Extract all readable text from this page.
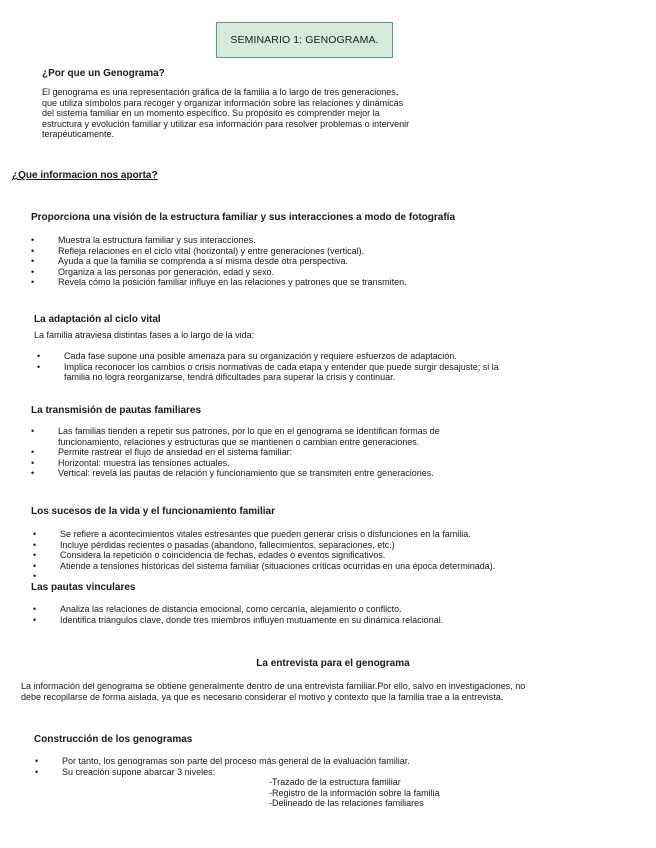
SEMINARIO 1: GENOGRAMA.
¿Por que un Genograma?
El genograma es una representación gráfica de la familia a lo largo de tres generaciones,
que utiliza símbolos para recoger y organizar información sobre las relaciones y dinámicas
del sistema familiar en un momento específico. Su propósito es comprender mejor la
estructura y evolución familiar y utilizar esa información para resolver problemas o intervenir
terapéuticamente.
¿Que informacion nos aporta?
Proporciona una visión de la estructura familiar y sus interacciones a modo de fotografía
•	Muestra la estructura familiar y sus interacciones.
•	Refleja relaciones en el ciclo vital (horizontal) y entre generaciones (vertical).
•	Ayuda a que la familia se comprenda a sí misma desde otra perspectiva.
•	Organiza a las personas por generación, edad y sexo.
•	Revela cómo la posición familiar influye en las relaciones y patrones que se transmiten.
La adaptación al ciclo vital
La familia atraviesa distintas fases a lo largo de la vida:
•	Cada fase supone una posible amenaza para su organización y requiere esfuerzos de adaptación.
•	Implica reconocer los cambios o crisis normativas de cada etapa y entender que puede surgir desajuste; si la
familia no logra reorganizarse, tendrá dificultades para superar la crisis y continuar.
La transmisión de pautas familiares
•	Las familias tienden a repetir sus patrones, por lo que en el genograma se identifican formas de
funcionamiento, relaciones y estructuras que se mantienen o cambian entre generaciones.
•	Permite rastrear el flujo de ansiedad en el sistema familiar:
•	Horizontal: muestra las tensiones actuales.
•	Vertical: revela las pautas de relación y funcionamiento que se transmiten entre generaciones.
Los sucesos de la vida y el funcionamiento familiar
•	Se refiere a acontecimientos vitales estresantes que pueden generar crisis o disfunciones en la familia.
•	Incluye pérdidas recientes o pasadas (abandono, fallecimientos, separaciones, etc.)
•	Considera la repetición o coincidencia de fechas, edades o eventos significativos.
•	Atiende a tensiones históricas del sistema familiar (situaciones críticas ocurridas en una época determinada).
•
Las pautas vinculares
•	Analiza las relaciones de distancia emocional, como cercanía, alejamiento o conflicto.
•	Identifica triángulos clave, donde tres miembros influyen mutuamente en su dinámica relacional.
La entrevista para el genograma
La información del genograma se obtiene generalmente dentro de una entrevista familiar.Por ello, salvo en investigaciones, no
debe recopilarse de forma aislada, ya que es necesario considerar el motivo y contexto que la familia trae a la entrevista.
Construcción de los genogramas
•	Por tanto, los genogramas son parte del proceso más general de la evaluación familiar.
•	Su creación supone abarcar 3 niveles:
-Trazado de la estructura familiar
-Registro de la información sobre la familia
-Delineado de las relaciones familiares
